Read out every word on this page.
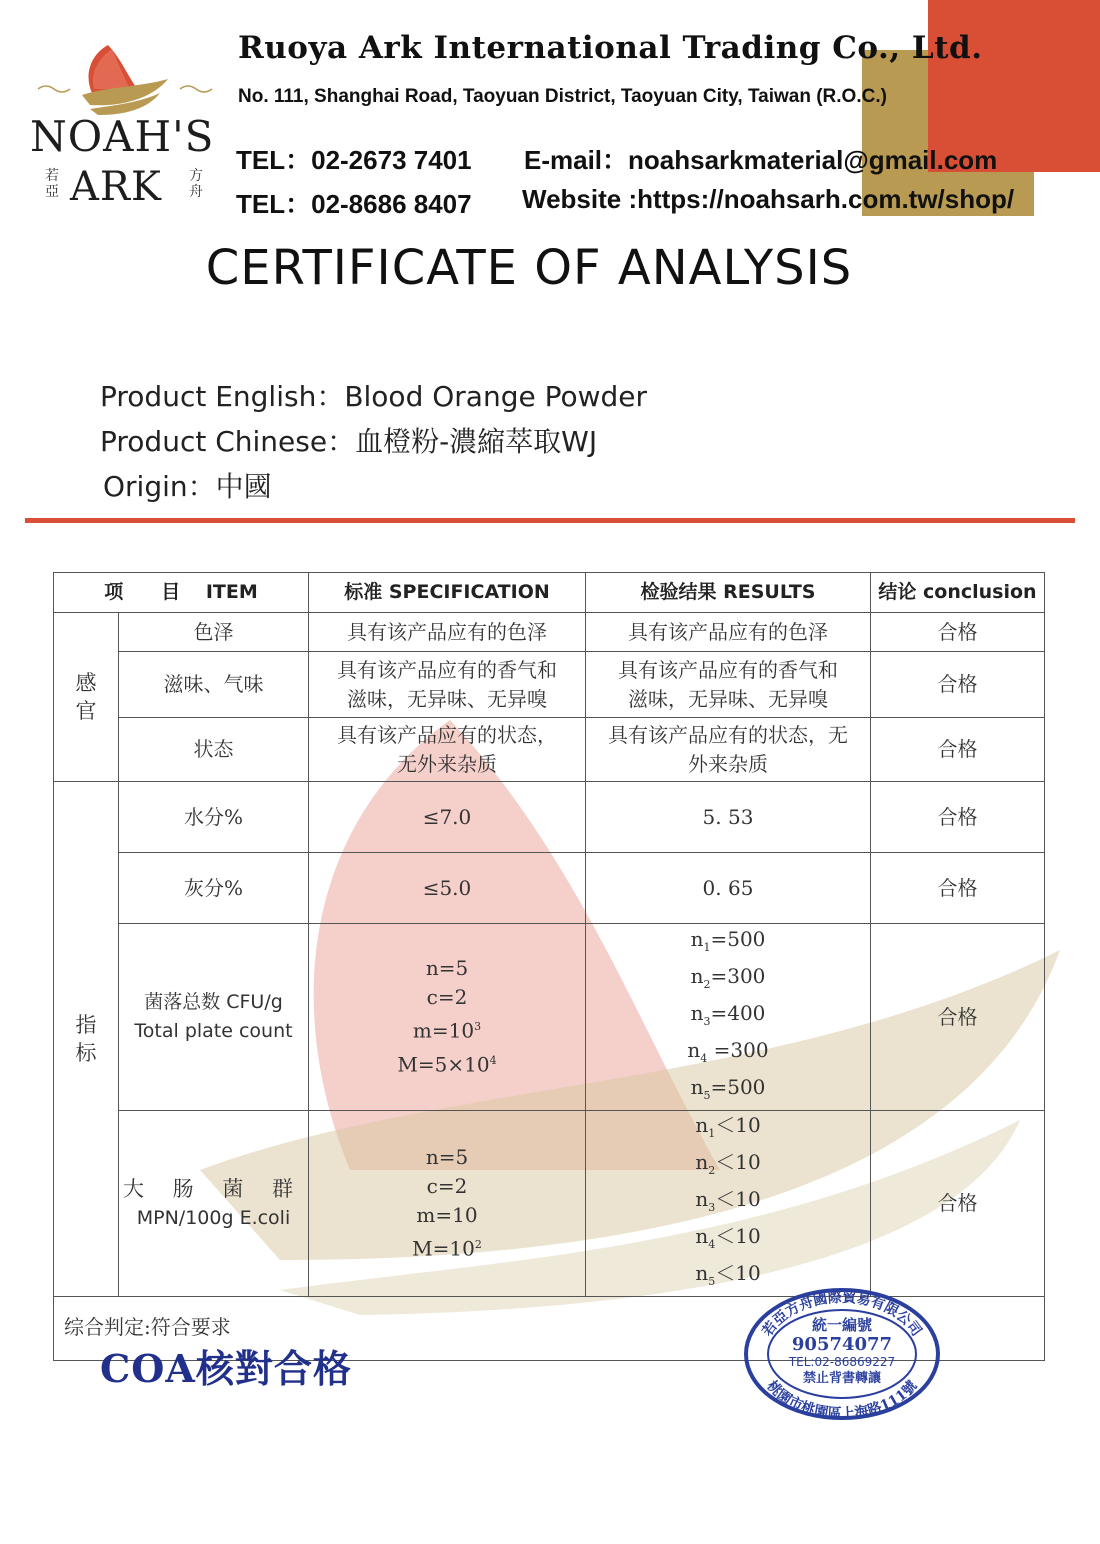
NOAH'S
ARK
若亞
方舟
Ruoya Ark International Trading Co., Ltd.
No. 111, Shanghai Road, Taoyuan District, Taoyuan City, Taiwan (R.O.C.)
TEL：02-2673 7401
TEL：02-8686 8407
E-mail：noahsarkmaterial@gmail.com
Website :https://noahsarh.com.tw/shop/
CERTIFICATE OF ANALYSIS
Product English：Blood Orange Powder
Product Chinese：血橙粉-濃縮萃取WJ
Origin：中國
项　　目　 ITEM		标准 SPECIFICATION	检验结果 RESULTS	结论 conclusion
感官	色泽	具有该产品应有的色泽	具有该产品应有的色泽	合格
	滋味、气味	具有该产品应有的香气和
滋味，无异味、无异嗅	具有该产品应有的香气和
滋味，无异味、无异嗅	合格
	状态	具有该产品应有的状态，
无外来杂质	具有该产品应有的状态，无
外来杂质	合格
指标	水分%	≤7.0	5. 53	合格
	灰分%	≤5.0	0. 65	合格

	菌落总数 CFU/g
Total plate count	n=5
c=2
$m=10^3$
$M=5\times 10^4$	$n_1=500$
$n_2=300$
$n_3=400$
$n_4 =300$
$n_5=500$	合格

	大 肠 菌 群
MPN/100g E.coli	n=5
c=2
m=10
$M=10^2$	$n_1<10$
$n_2<10$
$n_3<10$
$n_4<10$
$n_5<10$	合格
综合判定:符合要求				
COA核對合格
若亞方舟國際貿易有限公司
統一編號
90574077
TEL:02-86869227
禁止背書轉讓
桃園市桃園區上海路111號
